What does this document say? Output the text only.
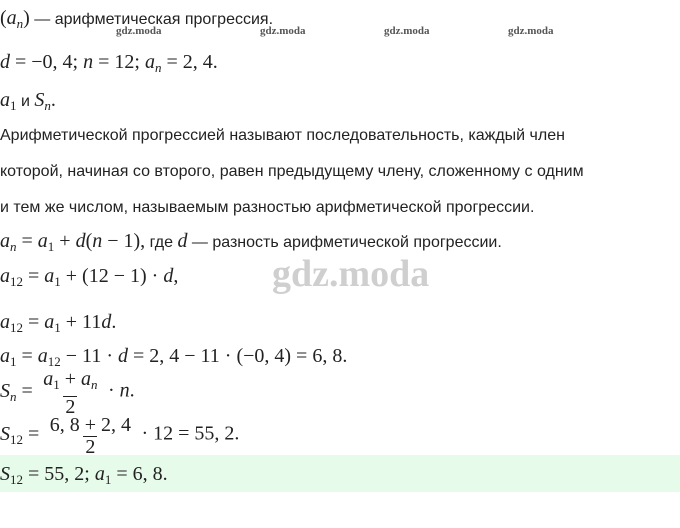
gdz.moda	gdz.moda	gdz.moda	gdz.moda
gdz.moda
$(a_n)$ — арифметическая прогрессия.
d = −0, 4; n = 12; $a_n = 2$, 4.
$a_1$ и $S_n$.
Арифметической прогрессией называют последовательность, каждый член
которой, начиная со второго, равен предыдущему члену, сложенному с одним
и тем же числом, называемым разностью арифметической прогрессии.
$a_n = a_1 + d(n - 1)$, где d — разность арифметической прогрессии.
$a_{12} = a_1 + (12 - 1) \cdot d$,
$a_{12} = a_1 + 11d$.
$a_1 = a_{12} - 11 \cdot d = 2$, 4 − 11 · (−0, 4) = 6, 8.
$S_n = \frac{a_1 + a_n}{2} \cdot n$.
$S_{12} = \frac{6, 8 + 2, 4}{2} \cdot 12 = 55$, 2.
$S_{12} = 55$, 2; $a_1 = 6$, 8.
